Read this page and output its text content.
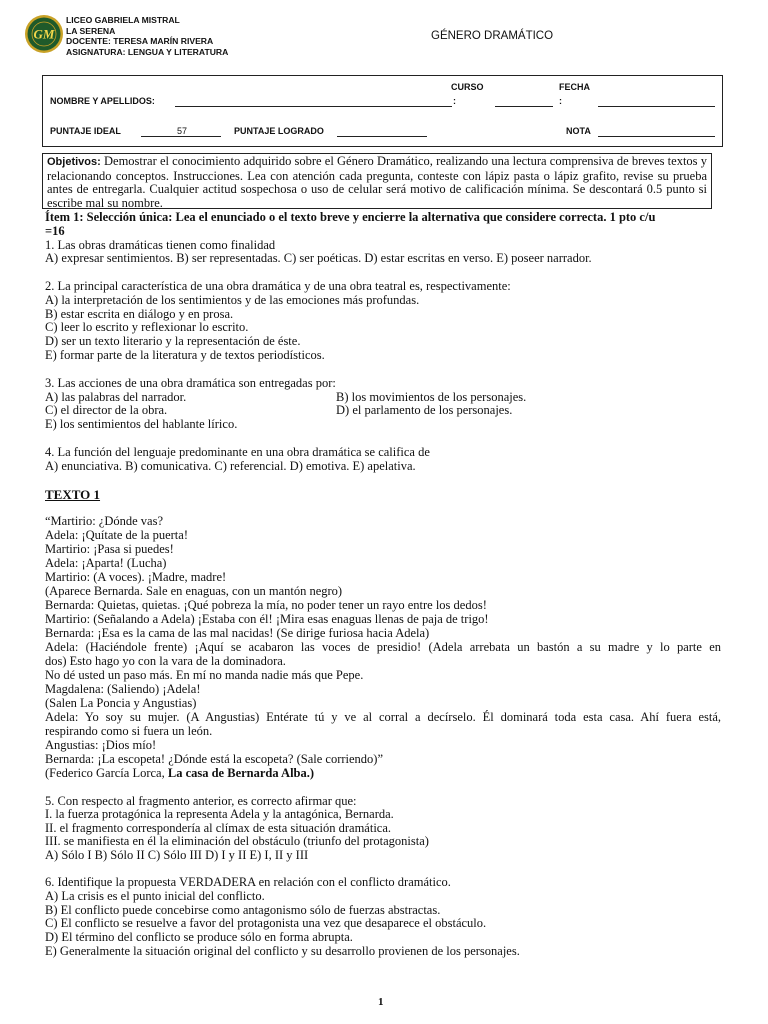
GM
LICEO GABRIELA MISTRAL
LA SERENA
DOCENTE: TERESA MARÍN RIVERA
ASIGNATURA: LENGUA Y LITERATURA
GÉNERO DRAMÁTICO
CURSO	FECHA
NOMBRE Y APELLIDOS:	:	:
PUNTAJE IDEAL	57	PUNTAJE LOGRADO	NOTA
Objetivos: Demostrar el conocimiento adquirido sobre el Género Dramático, realizando una lectura comprensiva de breves textos y relacionando conceptos. Instrucciones. Lea con atención cada pregunta, conteste con lápiz pasta o lápiz grafito, revise su prueba antes de entregarla. Cualquier actitud sospechosa o uso de celular será motivo de calificación mínima. Se descontará 0.5 punto si escribe mal su nombre.
Ítem 1: Selección única: Lea el enunciado o el texto breve y encierre la alternativa que considere correcta. 1 pto c/u
=16
1. Las obras dramáticas tienen como finalidad
A) expresar sentimientos. B) ser representadas. C) ser poéticas. D) estar escritas en verso. E) poseer narrador.
2. La principal característica de una obra dramática y de una obra teatral es, respectivamente:
A) la interpretación de los sentimientos y de las emociones más profundas.
B) estar escrita en diálogo y en prosa.
C) leer lo escrito y reflexionar lo escrito.
D) ser un texto literario y la representación de éste.
E) formar parte de la literatura y de textos periodísticos.
3. Las acciones de una obra dramática son entregadas por:
A) las palabras del narrador.	B) los movimientos de los personajes.
C) el director de la obra.	D) el parlamento de los personajes.
E) los sentimientos del hablante lírico.
4. La función del lenguaje predominante en una obra dramática se califica de
A) enunciativa. B) comunicativa. C) referencial. D) emotiva. E) apelativa.
TEXTO 1
“Martirio: ¿Dónde vas?
Adela: ¡Quítate de la puerta!
Martirio: ¡Pasa si puedes!
Adela: ¡Aparta! (Lucha)
Martirio: (A voces). ¡Madre, madre!
(Aparece Bernarda. Sale en enaguas, con un mantón negro)
Bernarda: Quietas, quietas. ¡Qué pobreza la mía, no poder tener un rayo entre los dedos!
Martirio: (Señalando a Adela) ¡Estaba con él! ¡Mira esas enaguas llenas de paja de trigo!
Bernarda: ¡Esa es la cama de las mal nacidas! (Se dirige furiosa hacia Adela)
Adela: (Haciéndole frente) ¡Aquí se acabaron las voces de presidio! (Adela arrebata un bastón a su madre y lo parte en
dos) Esto hago yo con la vara de la dominadora.
No dé usted un paso más. En mí no manda nadie más que Pepe.
Magdalena: (Saliendo) ¡Adela!
(Salen La Poncia y Angustias)
Adela: Yo soy su mujer. (A Angustias) Entérate tú y ve al corral a decírselo. Él dominará toda esta casa. Ahí fuera está,
respirando como si fuera un león.
Angustias: ¡Dios mío!
Bernarda: ¡La escopeta! ¿Dónde está la escopeta? (Sale corriendo)”
(Federico García Lorca, La casa de Bernarda Alba.)
5. Con respecto al fragmento anterior, es correcto afirmar que:
I. la fuerza protagónica la representa Adela y la antagónica, Bernarda.
II. el fragmento correspondería al clímax de esta situación dramática.
III. se manifiesta en él la eliminación del obstáculo (triunfo del protagonista)
A) Sólo I B) Sólo II C) Sólo III D) I y II E) I, II y III
6. Identifique la propuesta VERDADERA en relación con el conflicto dramático.
A) La crisis es el punto inicial del conflicto.
B) El conflicto puede concebirse como antagonismo sólo de fuerzas abstractas.
C) El conflicto se resuelve a favor del protagonista una vez que desaparece el obstáculo.
D) El término del conflicto se produce sólo en forma abrupta.
E) Generalmente la situación original del conflicto y su desarrollo provienen de los personajes.
1
